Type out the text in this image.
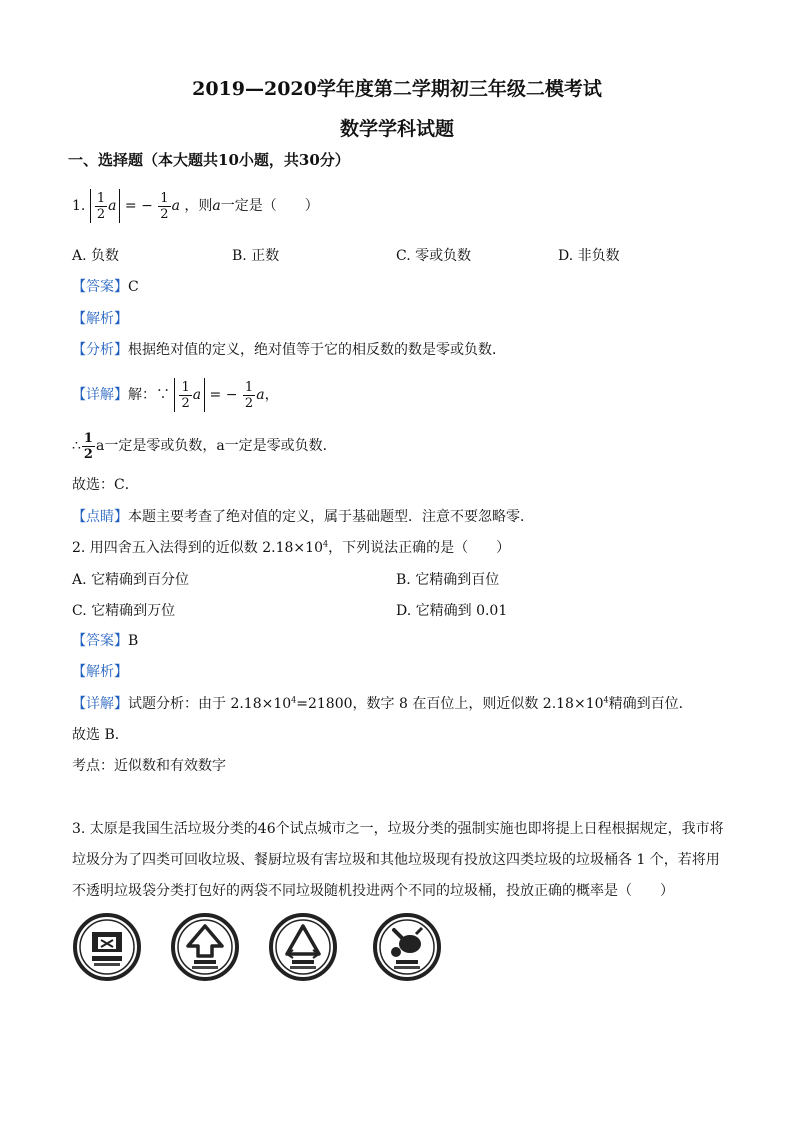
2019—2020学年度第二学期初三年级二模考试
数学学科试题
一、选择题（本大题共10小题，共30分）
1. $\frac{1}{2}$ a = − $\frac{1}{2}$ a ，则a一定是（　　）
A. 负数	B. 正数	C. 零或负数	D. 非负数
【答案】C
【解析】
【分析】根据绝对值的定义，绝对值等于它的相反数的数是零或负数．
【详解】解：∵ $\frac{1}{2}$ a = − $\frac{1}{2}$ a，
∴ $\frac{1}{2}$ a一定是零或负数，a一定是零或负数．
故选：C．
【点睛】本题主要考查了绝对值的定义，属于基础题型．注意不要忽略零．
2. 用四舍五入法得到的近似数 $2.18\times 10^4$，下列说法正确的是（　　）
A. 它精确到百分位	B. 它精确到百位
C. 它精确到万位	D. 它精确到 0.01
【答案】B
【解析】
【详解】试题分析：由于 $2.18\times 10^4=21800$，数字 8 在百位上，则近似数 $2.18\times 10^4$精确到百位．
故选 B．
考点：近似数和有效数字
3. 太原是我国生活垃圾分类的46个试点城市之一，垃圾分类的强制实施也即将提上日程根据规定，我市将
垃圾分为了四类可回收垃圾、餐厨垃圾有害垃圾和其他垃圾现有投放这四类垃圾的垃圾桶各 1 个，若将用
不透明垃圾袋分类打包好的两袋不同垃圾随机投进两个不同的垃圾桶，投放正确的概率是（　　）
